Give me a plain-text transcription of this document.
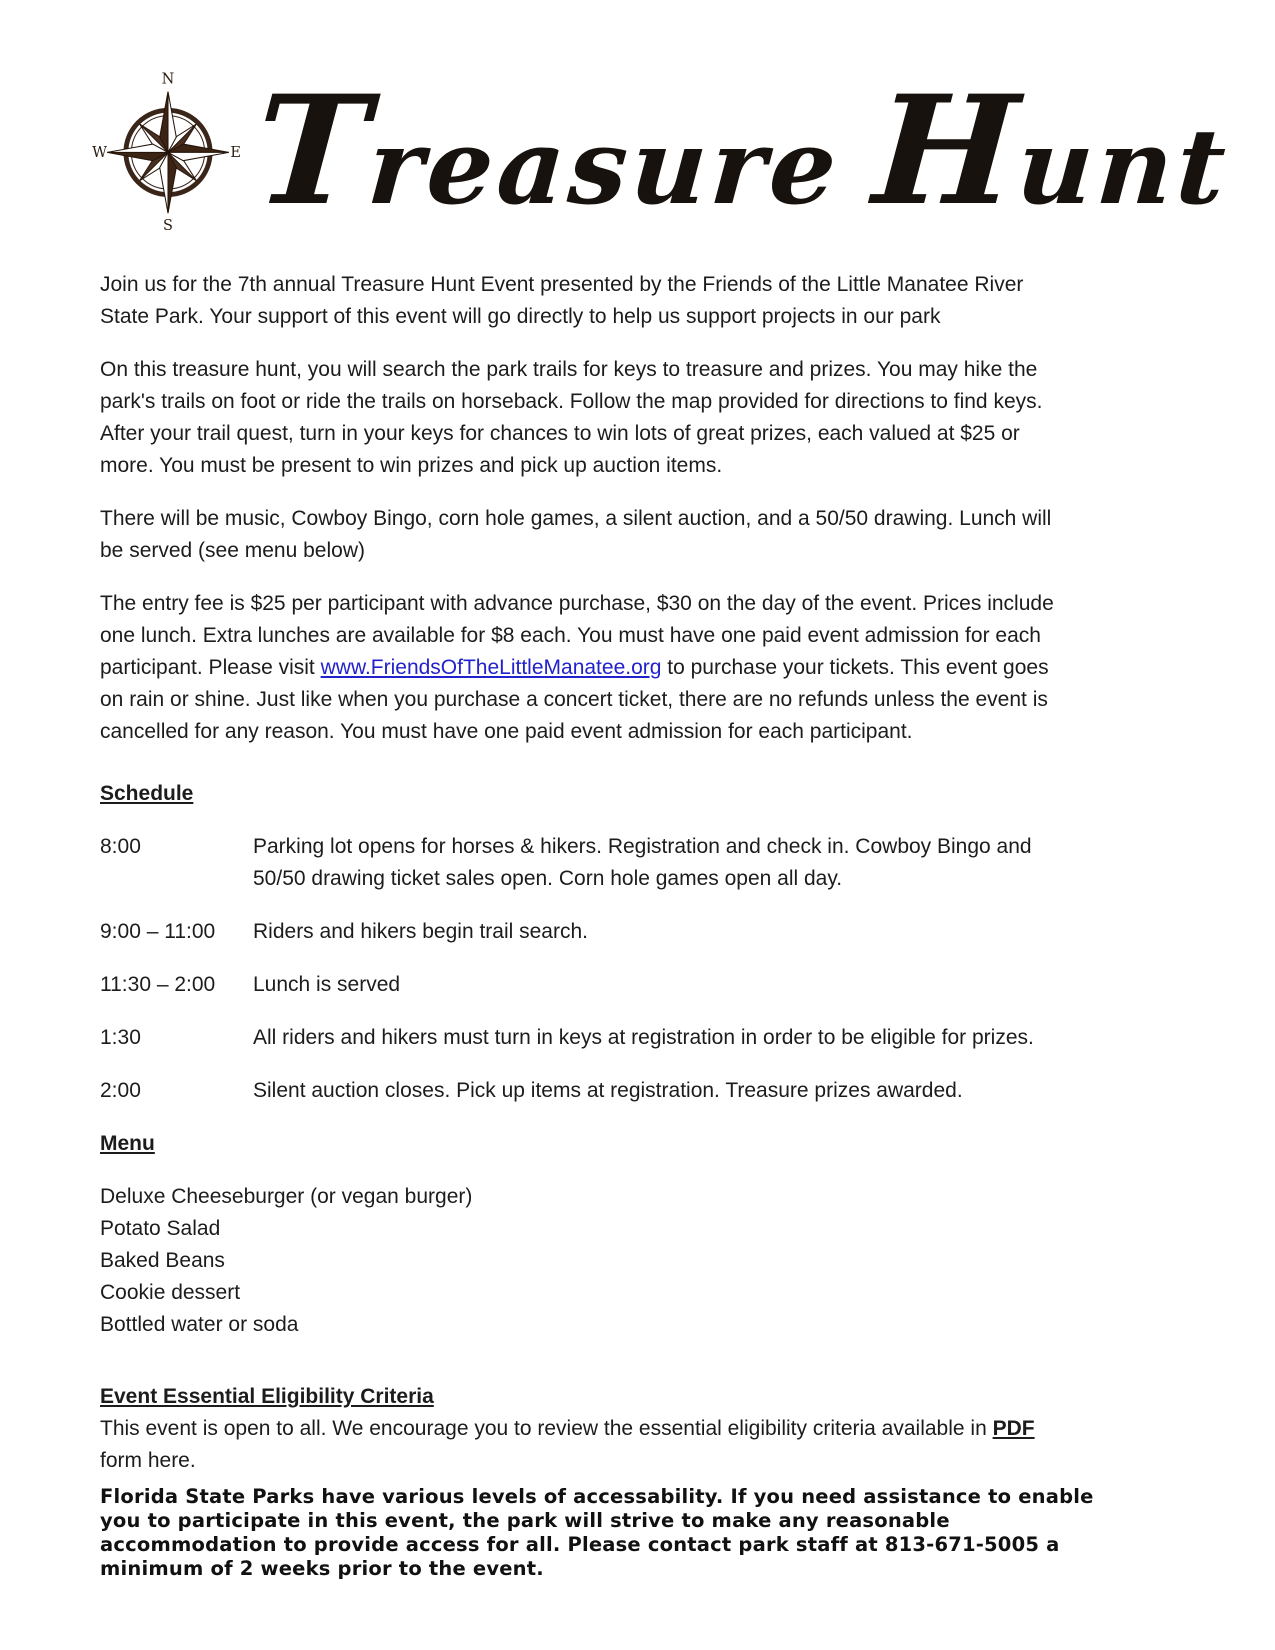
N
E
S
W Treasure Hunt

Join us for the 7th annual Treasure Hunt Event presented by the Friends of the Little Manatee River State Park. Your support of this event will go directly to help us support projects in our park

On this treasure hunt, you will search the park trails for keys to treasure and prizes. You may hike the park's trails on foot or ride the trails on horseback. Follow the map provided for directions to find keys. After your trail quest, turn in your keys for chances to win lots of great prizes, each valued at $25 or more. You must be present to win prizes and pick up auction items.

There will be music, Cowboy Bingo, corn hole games, a silent auction, and a 50/50 drawing. Lunch will be served (see menu below)

The entry fee is $25 per participant with advance purchase, $30 on the day of the event. Prices include one lunch. Extra lunches are available for $8 each. You must have one paid event admission for each participant. Please visit www.FriendsOfTheLittleManatee.org to purchase your tickets. This event goes on rain or shine. Just like when you purchase a concert ticket, there are no refunds unless the event is cancelled for any reason. You must have one paid event admission for each participant.

Schedule
8:00	Parking lot opens for horses & hikers. Registration and check in. Cowboy Bingo and 50/50 drawing ticket sales open. Corn hole games open all day.
9:00 – 11:00	Riders and hikers begin trail search.
11:30 – 2:00	Lunch is served
1:30	All riders and hikers must turn in keys at registration in order to be eligible for prizes.
2:00	Silent auction closes. Pick up items at registration. Treasure prizes awarded.
Menu
Deluxe Cheeseburger (or vegan burger)
Potato Salad
Baked Beans
Cookie dessert
Bottled water or soda
Event Essential Eligibility Criteria

This event is open to all. We encourage you to review the essential eligibility criteria available in PDF form here.

Florida State Parks have various levels of accessability. If you need assistance to enable you to participate in this event, the park will strive to make any reasonable accommodation to provide access for all. Please contact park staff at 813-671-5005 a minimum of 2 weeks prior to the event.
